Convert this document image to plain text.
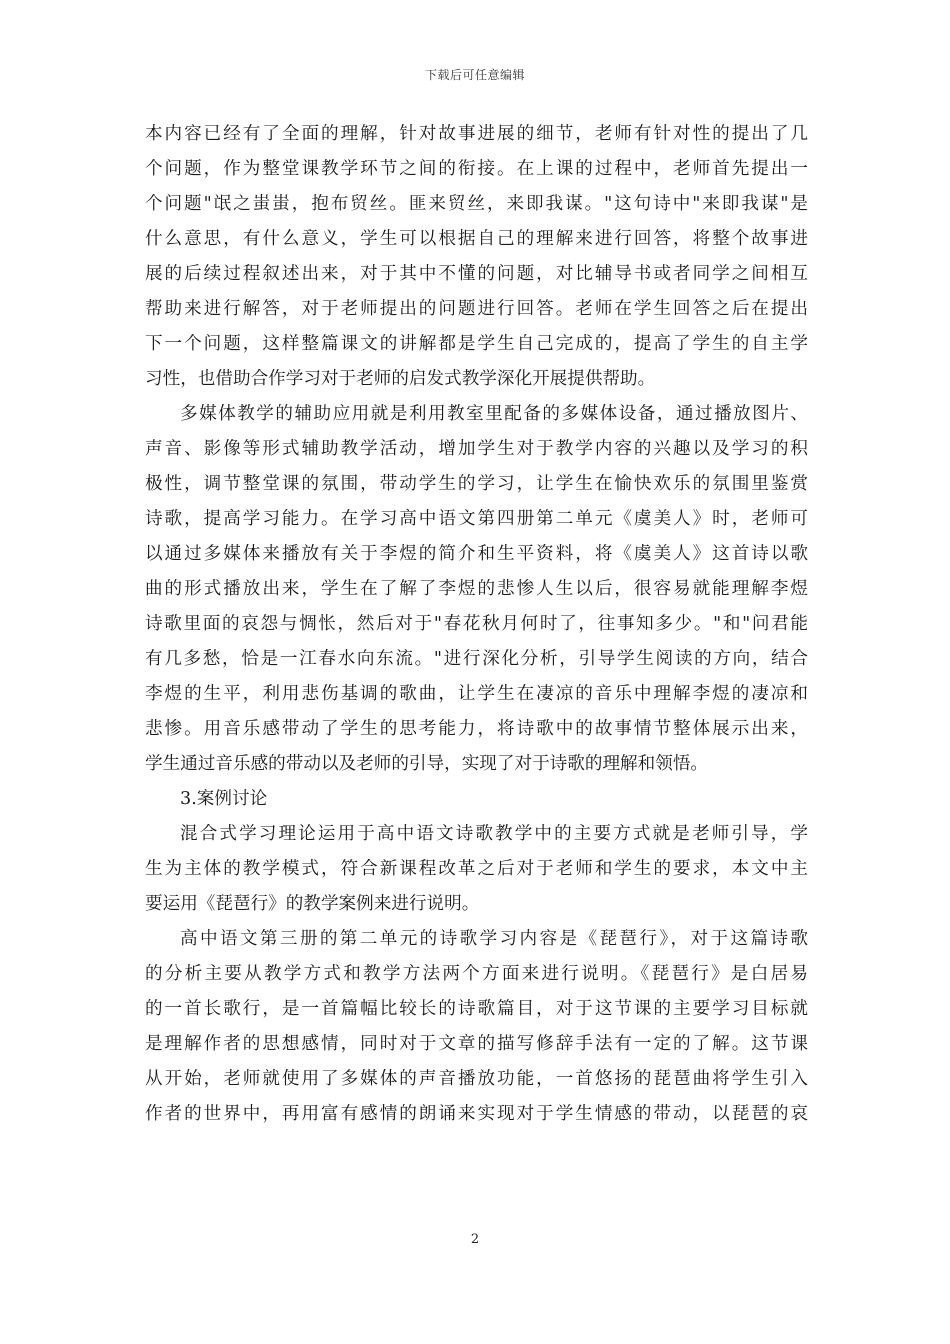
下载后可任意编辑
本内容已经有了全面的理解，针对故事进展的细节，老师有针对性的提出了几
个问题，作为整堂课教学环节之间的衔接。在上课的过程中，老师首先提出一
个问题"氓之蚩蚩，抱布贸丝。匪来贸丝，来即我谋。"这句诗中"来即我谋"是
什么意思，有什么意义，学生可以根据自己的理解来进行回答，将整个故事进
展的后续过程叙述出来，对于其中不懂的问题，对比辅导书或者同学之间相互
帮助来进行解答，对于老师提出的问题进行回答。老师在学生回答之后在提出
下一个问题，这样整篇课文的讲解都是学生自己完成的，提高了学生的自主学
习性，也借助合作学习对于老师的启发式教学深化开展提供帮助。
多媒体教学的辅助应用就是利用教室里配备的多媒体设备，通过播放图片、
声音、影像等形式辅助教学活动，增加学生对于教学内容的兴趣以及学习的积
极性，调节整堂课的氛围，带动学生的学习，让学生在愉快欢乐的氛围里鉴赏
诗歌，提高学习能力。在学习高中语文第四册第二单元《虞美人》时，老师可
以通过多媒体来播放有关于李煜的简介和生平资料，将《虞美人》这首诗以歌
曲的形式播放出来，学生在了解了李煜的悲惨人生以后，很容易就能理解李煜
诗歌里面的哀怨与惆怅，然后对于"春花秋月何时了，往事知多少。"和"问君能
有几多愁，恰是一江春水向东流。"进行深化分析，引导学生阅读的方向，结合
李煜的生平，利用悲伤基调的歌曲，让学生在凄凉的音乐中理解李煜的凄凉和
悲惨。用音乐感带动了学生的思考能力，将诗歌中的故事情节整体展示出来，
学生通过音乐感的带动以及老师的引导，实现了对于诗歌的理解和领悟。
3.案例讨论
混合式学习理论运用于高中语文诗歌教学中的主要方式就是老师引导，学
生为主体的教学模式，符合新课程改革之后对于老师和学生的要求，本文中主
要运用《琵琶行》的教学案例来进行说明。
高中语文第三册的第二单元的诗歌学习内容是《琵琶行》，对于这篇诗歌
的分析主要从教学方式和教学方法两个方面来进行说明。《琵琶行》是白居易
的一首长歌行，是一首篇幅比较长的诗歌篇目，对于这节课的主要学习目标就
是理解作者的思想感情，同时对于文章的描写修辞手法有一定的了解。这节课
从开始，老师就使用了多媒体的声音播放功能，一首悠扬的琵琶曲将学生引入
作者的世界中，再用富有感情的朗诵来实现对于学生情感的带动，以琵琶的哀
2
